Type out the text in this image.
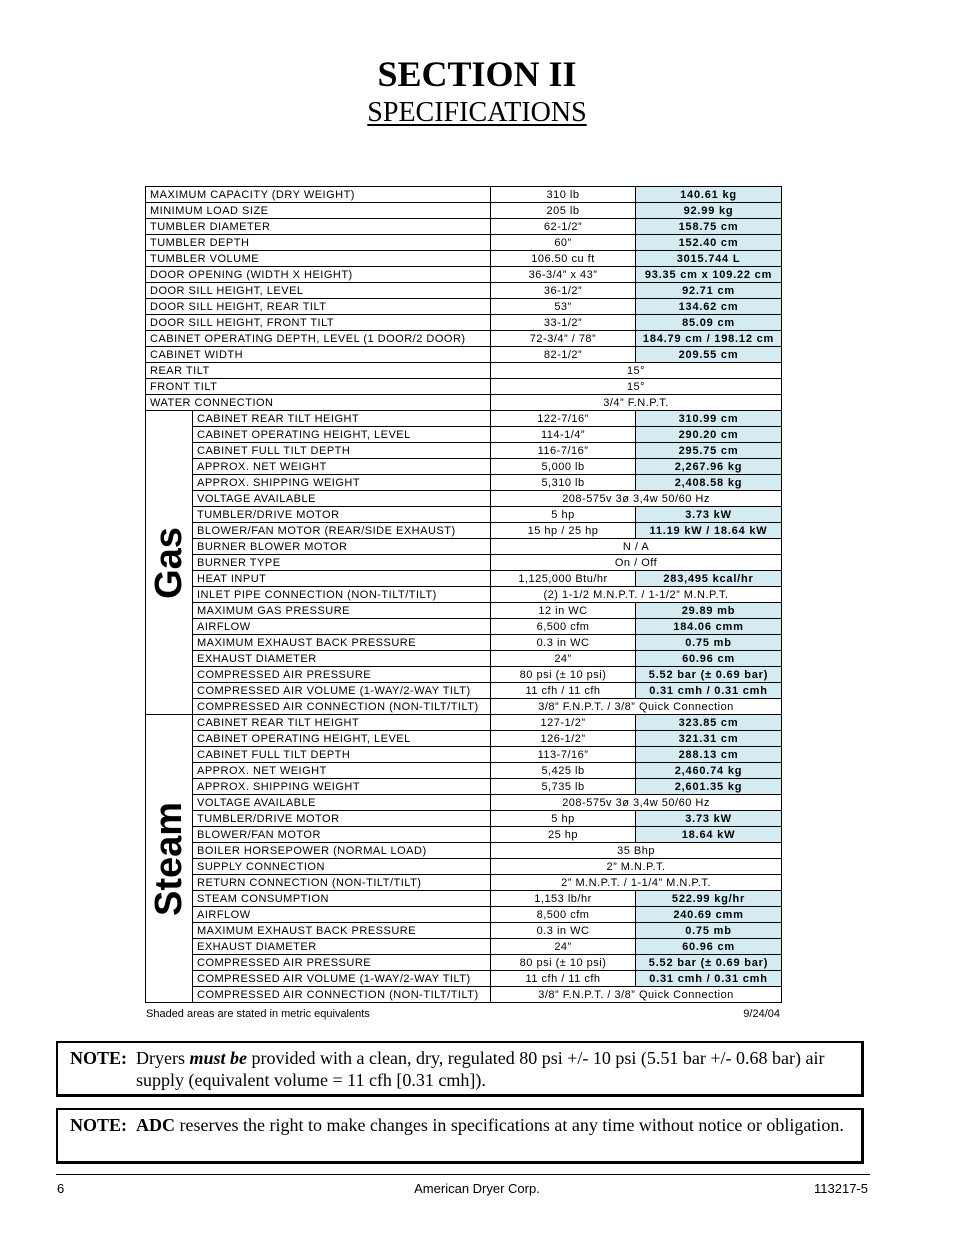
SECTION II
SPECIFICATIONS
MAXIMUM CAPACITY (DRY WEIGHT)		310 lb	140.61 kg
MINIMUM LOAD SIZE		205 lb	92.99 kg
TUMBLER DIAMETER		62-1/2”	158.75 cm
TUMBLER DEPTH		60”	152.40 cm
TUMBLER VOLUME		106.50 cu ft	3015.744 L
DOOR OPENING (WIDTH X HEIGHT)		36-3/4” x 43”	93.35 cm x 109.22 cm
DOOR SILL HEIGHT, LEVEL		36-1/2”	92.71 cm
DOOR SILL HEIGHT, REAR TILT		53”	134.62 cm
DOOR SILL HEIGHT, FRONT TILT		33-1/2”	85.09 cm
CABINET OPERATING DEPTH, LEVEL (1 DOOR/2 DOOR)		72-3/4” / 78”	184.79 cm / 198.12 cm
CABINET WIDTH		82-1/2”	209.55 cm
REAR TILT		15°	
FRONT TILT		15°	
WATER CONNECTION		3/4” F.N.P.T.	

Gas	CABINET REAR TILT HEIGHT	122-7/16”	310.99 cm
	CABINET OPERATING HEIGHT, LEVEL	114-1/4”	290.20 cm
	CABINET FULL TILT DEPTH	116-7/16”	295.75 cm
	APPROX. NET WEIGHT	5,000 lb	2,267.96 kg
	APPROX. SHIPPING WEIGHT	5,310 lb	2,408.58 kg
	VOLTAGE AVAILABLE	208-575v 3ø 3,4w 50/60 Hz	
	TUMBLER/DRIVE MOTOR	5 hp	3.73 kW
	BLOWER/FAN MOTOR (REAR/SIDE EXHAUST)	15 hp / 25 hp	11.19 kW / 18.64 kW
	BURNER BLOWER MOTOR	N / A	
	BURNER TYPE	On / Off	
	HEAT INPUT	1,125,000 Btu/hr	283,495 kcal/hr
	INLET PIPE CONNECTION (NON-TILT/TILT)	(2) 1-1/2 M.N.P.T. / 1-1/2” M.N.P.T.	
	MAXIMUM GAS PRESSURE	12 in WC	29.89 mb
	AIRFLOW	6,500 cfm	184.06 cmm
	MAXIMUM EXHAUST BACK PRESSURE	0.3 in WC	0.75 mb
	EXHAUST DIAMETER	24”	60.96 cm
	COMPRESSED AIR PRESSURE	80 psi (± 10 psi)	5.52 bar (± 0.69 bar)
	COMPRESSED AIR VOLUME (1-WAY/2-WAY TILT)	11 cfh / 11 cfh	0.31 cmh / 0.31 cmh
	COMPRESSED AIR CONNECTION (NON-TILT/TILT)	3/8” F.N.P.T. / 3/8” Quick Connection	

Steam	CABINET REAR TILT HEIGHT	127-1/2”	323.85 cm
	CABINET OPERATING HEIGHT, LEVEL	126-1/2”	321.31 cm
	CABINET FULL TILT DEPTH	113-7/16”	288.13 cm
	APPROX. NET WEIGHT	5,425 lb	2,460.74 kg
	APPROX. SHIPPING WEIGHT	5,735 lb	2,601.35 kg
	VOLTAGE AVAILABLE	208-575v 3ø 3,4w 50/60 Hz	
	TUMBLER/DRIVE MOTOR	5 hp	3.73 kW
	BLOWER/FAN MOTOR	25 hp	18.64 kW
	BOILER HORSEPOWER (NORMAL LOAD)	35 Bhp	
	SUPPLY CONNECTION	2” M.N.P.T.	
	RETURN CONNECTION (NON-TILT/TILT)	2” M.N.P.T. / 1-1/4” M.N.P.T.	
	STEAM CONSUMPTION	1,153 lb/hr	522.99 kg/hr
	AIRFLOW	8,500 cfm	240.69 cmm
	MAXIMUM EXHAUST BACK PRESSURE	0.3 in WC	0.75 mb
	EXHAUST DIAMETER	24”	60.96 cm
	COMPRESSED AIR PRESSURE	80 psi (± 10 psi)	5.52 bar (± 0.69 bar)
	COMPRESSED AIR VOLUME (1-WAY/2-WAY TILT)	11 cfh / 11 cfh	0.31 cmh / 0.31 cmh
	COMPRESSED AIR CONNECTION (NON-TILT/TILT)	3/8” F.N.P.T. / 3/8” Quick Connection	
Shaded areas are stated in metric equivalents	9/24/04
NOTE: Dryers must be provided with a clean, dry, regulated 80 psi +/- 10 psi (5.51 bar +/- 0.68 bar) air supply (equivalent volume = 11 cfh [0.31 cmh]).
NOTE: ADC reserves the right to make changes in specifications at any time without notice or obligation.
6	American Dryer Corp.	113217-5
